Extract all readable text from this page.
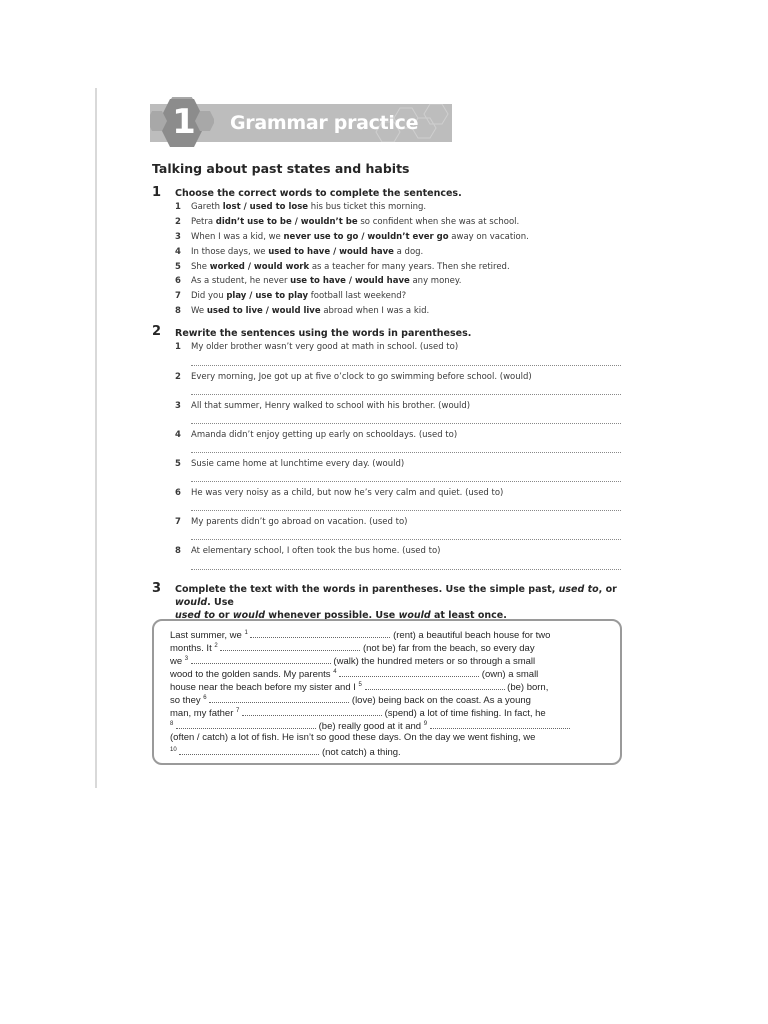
1 Grammar practice
Talking about past states and habits
1 Choose the correct words to complete the sentences.
1 Gareth lost / used to lose his bus ticket this morning.
2 Petra didn’t use to be / wouldn’t be so confident when she was at school.
3 When I was a kid, we never use to go / wouldn’t ever go away on vacation.
4 In those days, we used to have / would have a dog.
5 She worked / would work as a teacher for many years. Then she retired.
6 As a student, he never use to have / would have any money.
7 Did you play / use to play football last weekend?
8 We used to live / would live abroad when I was a kid.
2 Rewrite the sentences using the words in parentheses.
1 My older brother wasn’t very good at math in school. (used to)
2 Every morning, Joe got up at five o’clock to go swimming before school. (would)
3 All that summer, Henry walked to school with his brother. (would)
4 Amanda didn’t enjoy getting up early on schooldays. (used to)
5 Susie came home at lunchtime every day. (would)
6 He was very noisy as a child, but now he’s very calm and quiet. (used to)
7 My parents didn’t go abroad on vacation. (used to)
8 At elementary school, I often took the bus home. (used to)
3 Complete the text with the words in parentheses. Use the simple past, used to, or would. Use
used to or would whenever possible. Use would at least once.
Last summer, we $^1$	(rent) a beautiful beach house for two
months. It $^2$	(not be) far from the beach, so every day
we $^3$	(walk) the hundred meters or so through a small
wood to the golden sands. My parents $^4$	(own) a small
house near the beach before my sister and I $^5$	(be) born,
so they $^6$	(love) being back on the coast. As a young
man, my father $^7$	(spend) a lot of time fishing. In fact, he
$^8$	(be) really good at it and $^9$
(often / catch) a lot of fish. He isn’t so good these days. On the day we went fishing, we
$^{10}$	(not catch) a thing.
